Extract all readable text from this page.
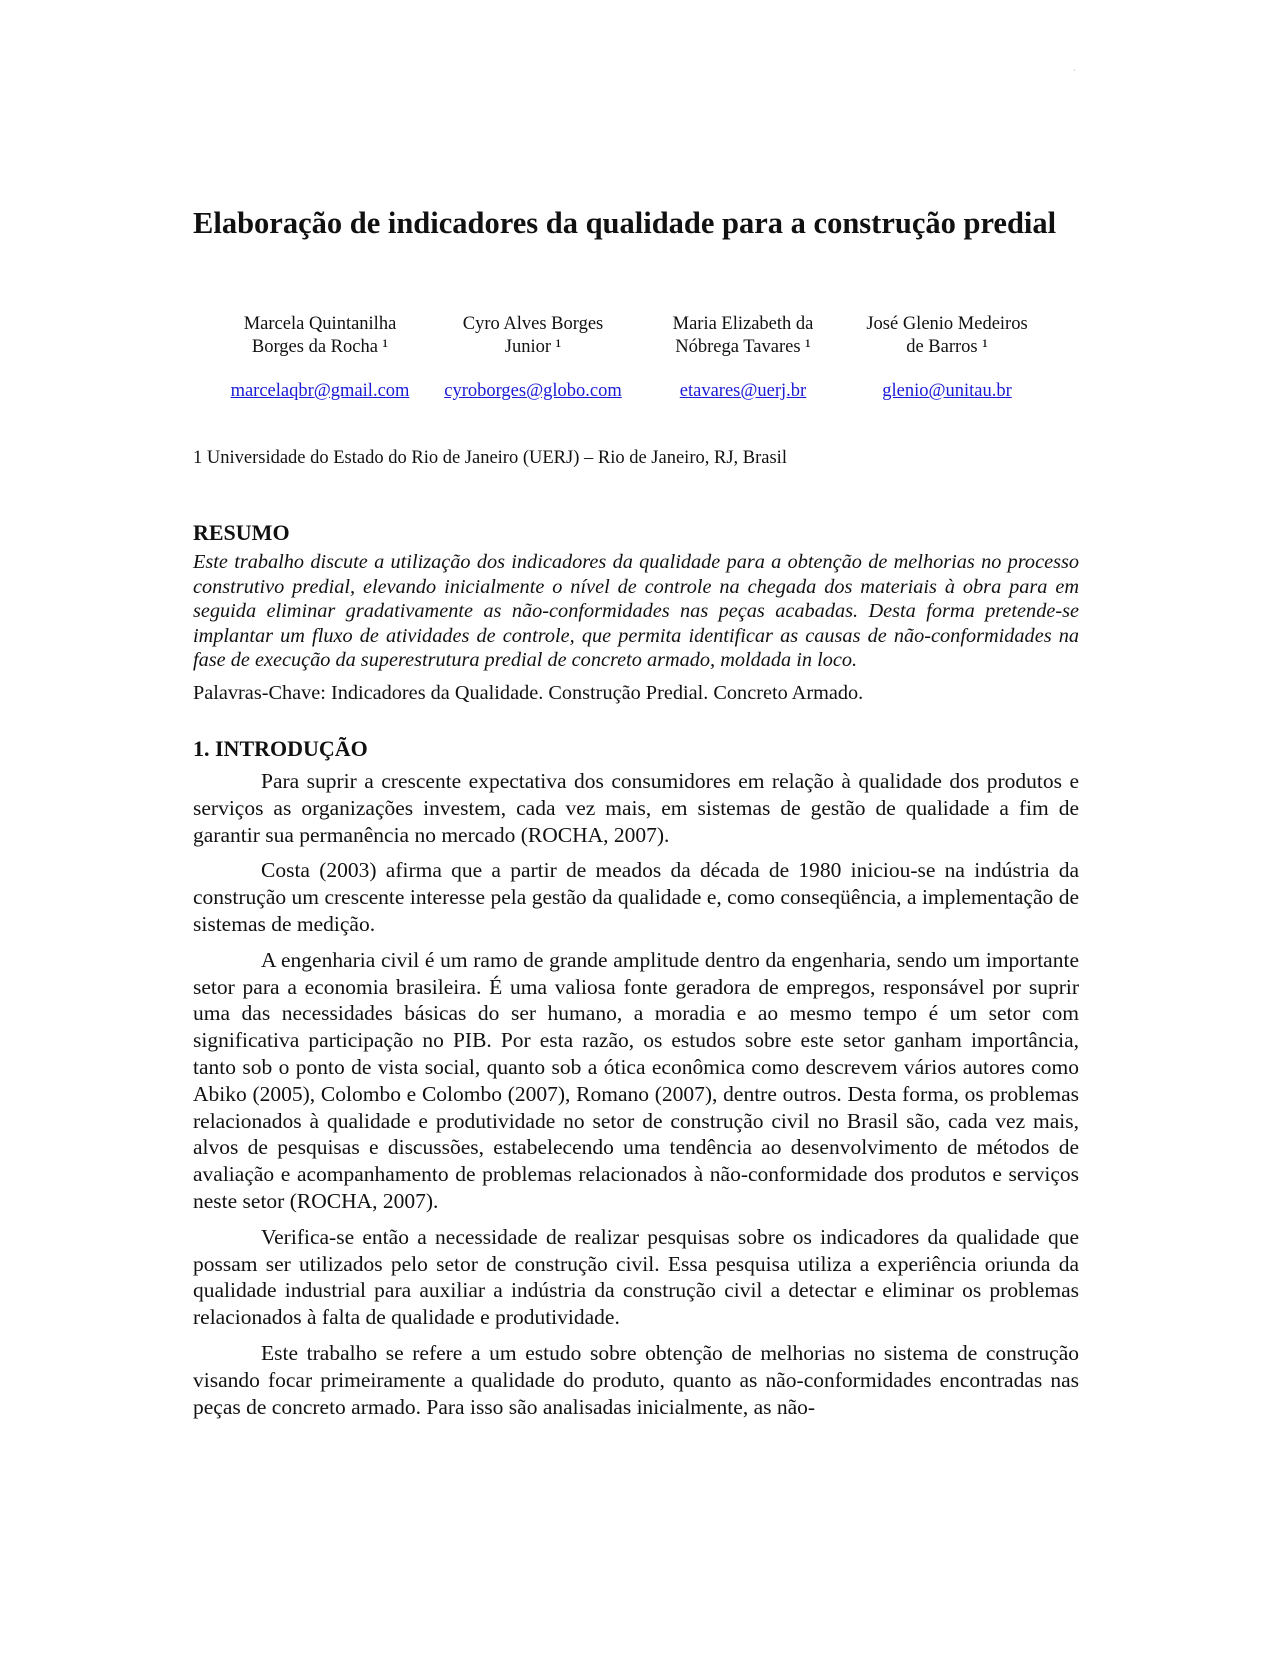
·
Elaboração de indicadores da qualidade para a construção predial
Marcela Quintanilha
Borges da Rocha ¹
marcelaqbr@gmail.com
Cyro Alves Borges
Junior ¹
cyroborges@globo.com
Maria Elizabeth da
Nóbrega Tavares ¹
etavares@uerj.br
José Glenio Medeiros
de Barros ¹
glenio@unitau.br
1 Universidade do Estado do Rio de Janeiro (UERJ) – Rio de Janeiro, RJ, Brasil
RESUMO

Este trabalho discute a utilização dos indicadores da qualidade para a obtenção de melhorias no processo construtivo predial, elevando inicialmente o nível de controle na chegada dos materiais à obra para em seguida eliminar gradativamente as não-conformidades nas peças acabadas. Desta forma pretende-se implantar um fluxo de atividades de controle, que permita identificar as causas de não-conformidades na fase de execução da superestrutura predial de concreto armado, moldada in loco.

Palavras-Chave: Indicadores da Qualidade. Construção Predial. Concreto Armado.

1. INTRODUÇÃO

Para suprir a crescente expectativa dos consumidores em relação à qualidade dos produtos e serviços as organizações investem, cada vez mais, em sistemas de gestão de qualidade a fim de garantir sua permanência no mercado (ROCHA, 2007).

Costa (2003) afirma que a partir de meados da década de 1980 iniciou-se na indústria da construção um crescente interesse pela gestão da qualidade e, como conseqüência, a implementação de sistemas de medição.

A engenharia civil é um ramo de grande amplitude dentro da engenharia, sendo um importante setor para a economia brasileira. É uma valiosa fonte geradora de empregos, responsável por suprir uma das necessidades básicas do ser humano, a moradia e ao mesmo tempo é um setor com significativa participação no PIB. Por esta razão, os estudos sobre este setor ganham importância, tanto sob o ponto de vista social, quanto sob a ótica econômica como descrevem vários autores como Abiko (2005), Colombo e Colombo (2007), Romano (2007), dentre outros. Desta forma, os problemas relacionados à qualidade e produtividade no setor de construção civil no Brasil são, cada vez mais, alvos de pesquisas e discussões, estabelecendo uma tendência ao desenvolvimento de métodos de avaliação e acompanhamento de problemas relacionados à não-conformidade dos produtos e serviços neste setor (ROCHA, 2007).

Verifica-se então a necessidade de realizar pesquisas sobre os indicadores da qualidade que possam ser utilizados pelo setor de construção civil. Essa pesquisa utiliza a experiência oriunda da qualidade industrial para auxiliar a indústria da construção civil a detectar e eliminar os problemas relacionados à falta de qualidade e produtividade.

Este trabalho se refere a um estudo sobre obtenção de melhorias no sistema de construção visando focar primeiramente a qualidade do produto, quanto as não-conformidades encontradas nas peças de concreto armado. Para isso são analisadas inicialmente, as não-
